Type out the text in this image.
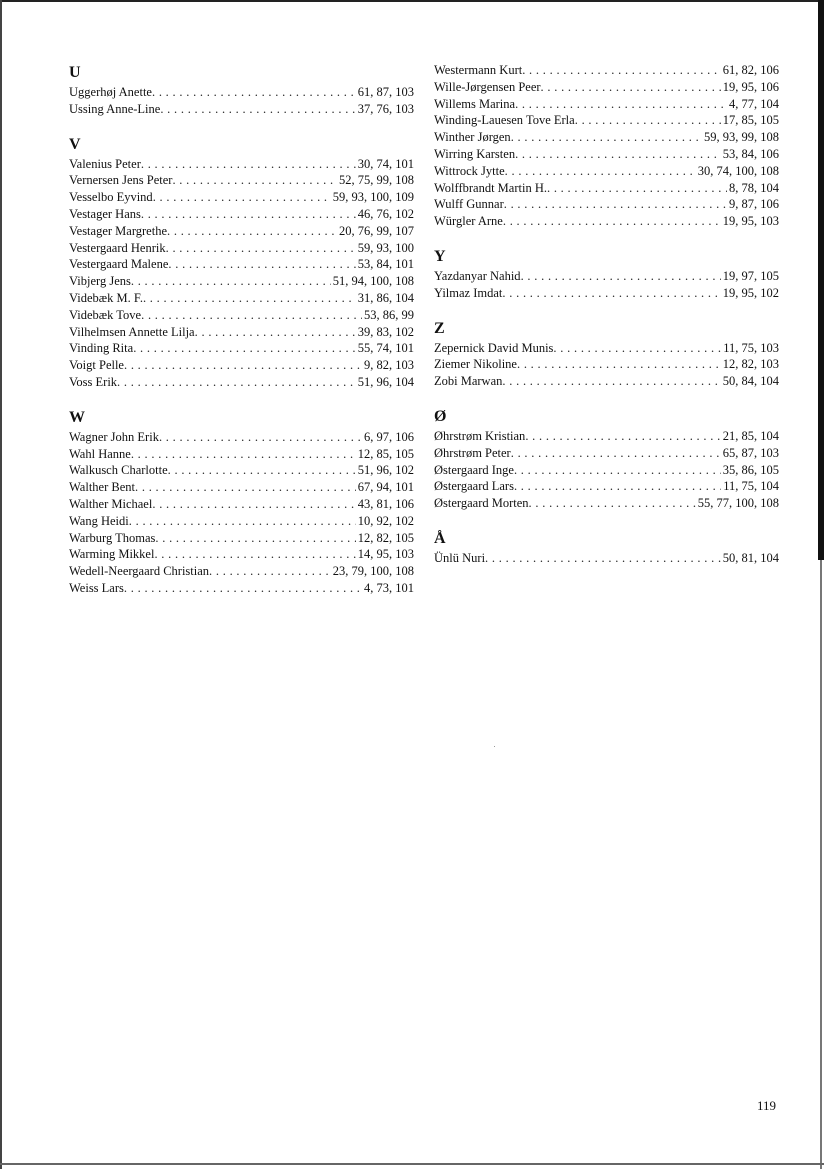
U
Uggerhøj Anette . . .	61, 87, 103
Ussing Anne-Line . . .	37, 76, 103
V
Valenius Peter . . .	30, 74, 101
Vernersen Jens Peter . . .	52, 75, 99, 108
Vesselbo Eyvind . . .	59, 93, 100, 109
Vestager Hans . . .	46, 76, 102
Vestager Margrethe . . .	20, 76, 99, 107
Vestergaard Henrik . . .	59, 93, 100
Vestergaard Malene . . .	53, 84, 101
Vibjerg Jens . . .	51, 94, 100, 108
Videbæk M. F. . . .	31, 86, 104
Videbæk Tove . . .	53, 86, 99
Vilhelmsen Annette Lilja . . .	39, 83, 102
Vinding Rita . . .	55, 74, 101
Voigt Pelle . . .	9, 82, 103
Voss Erik . . .	51, 96, 104
W
Wagner John Erik . . .	6, 97, 106
Wahl Hanne . . .	12, 85, 105
Walkusch Charlotte . . .	51, 96, 102
Walther Bent . . .	67, 94, 101
Walther Michael . . .	43, 81, 106
Wang Heidi . . .	10, 92, 102
Warburg Thomas . . .	12, 82, 105
Warming Mikkel . . .	14, 95, 103
Wedell-Neergaard Christian . . .	23, 79, 100, 108
Weiss Lars . . .	4, 73, 101
Westermann Kurt . . .	61, 82, 106
Wille-Jørgensen Peer . . .	19, 95, 106
Willems Marina . . .	4, 77, 104
Winding-Lauesen Tove Erla . . .	17, 85, 105
Winther Jørgen . . .	59, 93, 99, 108
Wirring Karsten . . .	53, 84, 106
Wittrock Jytte . . .	30, 74, 100, 108
Wolffbrandt Martin H. . . .	8, 78, 104
Wulff Gunnar . . .	9, 87, 106
Würgler Arne . . .	19, 95, 103
Y
Yazdanyar Nahid . . .	19, 97, 105
Yilmaz Imdat . . .	19, 95, 102
Z
Zepernick David Munis . . .	11, 75, 103
Ziemer Nikoline . . .	12, 82, 103
Zobi Marwan . . .	50, 84, 104
Ø
Øhrstrøm Kristian . . .	21, 85, 104
Øhrstrøm Peter . . .	65, 87, 103
Østergaard Inge . . .	35, 86, 105
Østergaard Lars . . .	11, 75, 104
Østergaard Morten . . .	55, 77, 100, 108
Å
Ünlü Nuri . . .	50, 81, 104
119
